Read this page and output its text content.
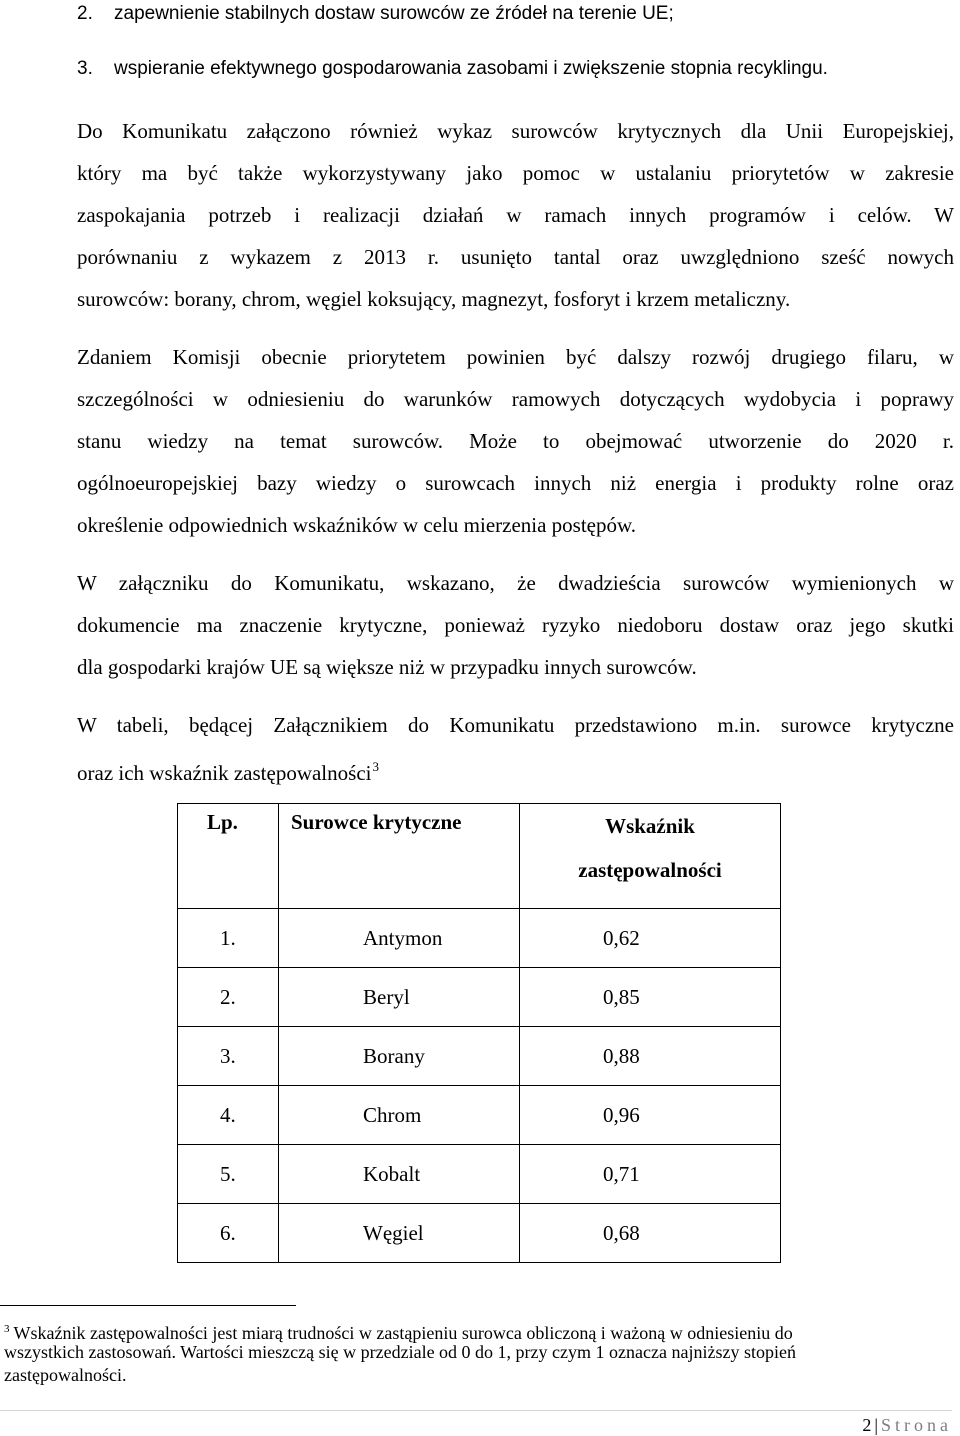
2. zapewnienie stabilnych dostaw surowców ze źródeł na terenie UE;
3. wspieranie efektywnego gospodarowania zasobami i zwiększenie stopnia recyklingu.
Do Komunikatu załączono również wykaz surowców krytycznych dla Unii Europejskiej,
który ma być także wykorzystywany jako pomoc w ustalaniu priorytetów w zakresie
zaspokajania potrzeb i realizacji działań w ramach innych programów i celów. W
porównaniu z wykazem z 2013 r. usunięto tantal oraz uwzględniono sześć nowych
surowców: borany, chrom, węgiel koksujący, magnezyt, fosforyt i krzem metaliczny.
Zdaniem Komisji obecnie priorytetem powinien być dalszy rozwój drugiego filaru, w
szczególności w odniesieniu do warunków ramowych dotyczących wydobycia i poprawy
stanu wiedzy na temat surowców. Może to obejmować utworzenie do 2020 r.
ogólnoeuropejskiej bazy wiedzy o surowcach innych niż energia i produkty rolne oraz
określenie odpowiednich wskaźników w celu mierzenia postępów.
W załączniku do Komunikatu, wskazano, że dwadzieścia surowców wymienionych w
dokumencie ma znaczenie krytyczne, ponieważ ryzyko niedoboru dostaw oraz jego skutki
dla gospodarki krajów UE są większe niż w przypadku innych surowców.
W tabeli, będącej Załącznikiem do Komunikatu przedstawiono m.in. surowce krytyczne
oraz ich wskaźnik zastępowalności$^3$
Lp.	Surowce krytyczne	Wskaźnik
zastępowalności

1.	Antymon	0,62
2.	Beryl	0,85
3.	Borany	0,88
4.	Chrom	0,96
5.	Kobalt	0,71
6.	Węgiel	0,68
$^3$ Wskaźnik zastępowalności jest miarą trudności w zastąpieniu surowca obliczoną i ważoną w odniesieniu do
wszystkich zastosowań. Wartości mieszczą się w przedziale od 0 do 1, przy czym 1 oznacza najniższy stopień
zastępowalności.
2 | Strona
